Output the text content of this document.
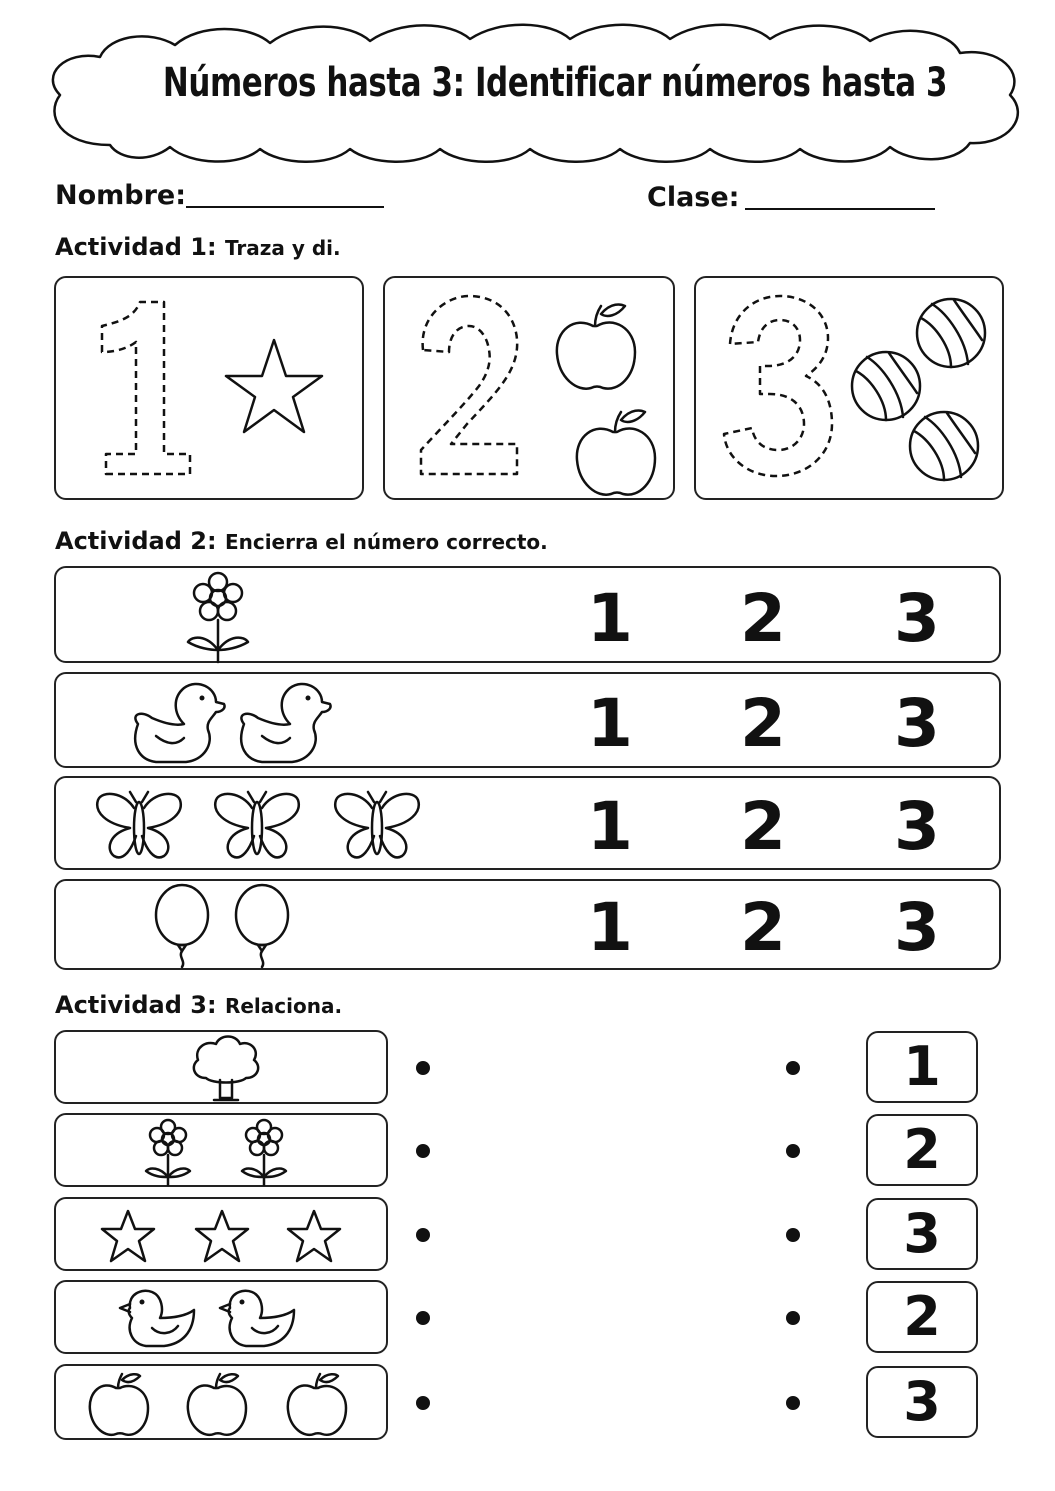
Números hasta 3: Identificar números hasta 3
Nombre:	Clase:
Actividad 1: Traza y di.
Actividad 2: Encierra el número correcto.
1 2 3
1 2 3
1 2 3
1 2 3
Actividad 3: Relaciona.
1
2
3
2
3
